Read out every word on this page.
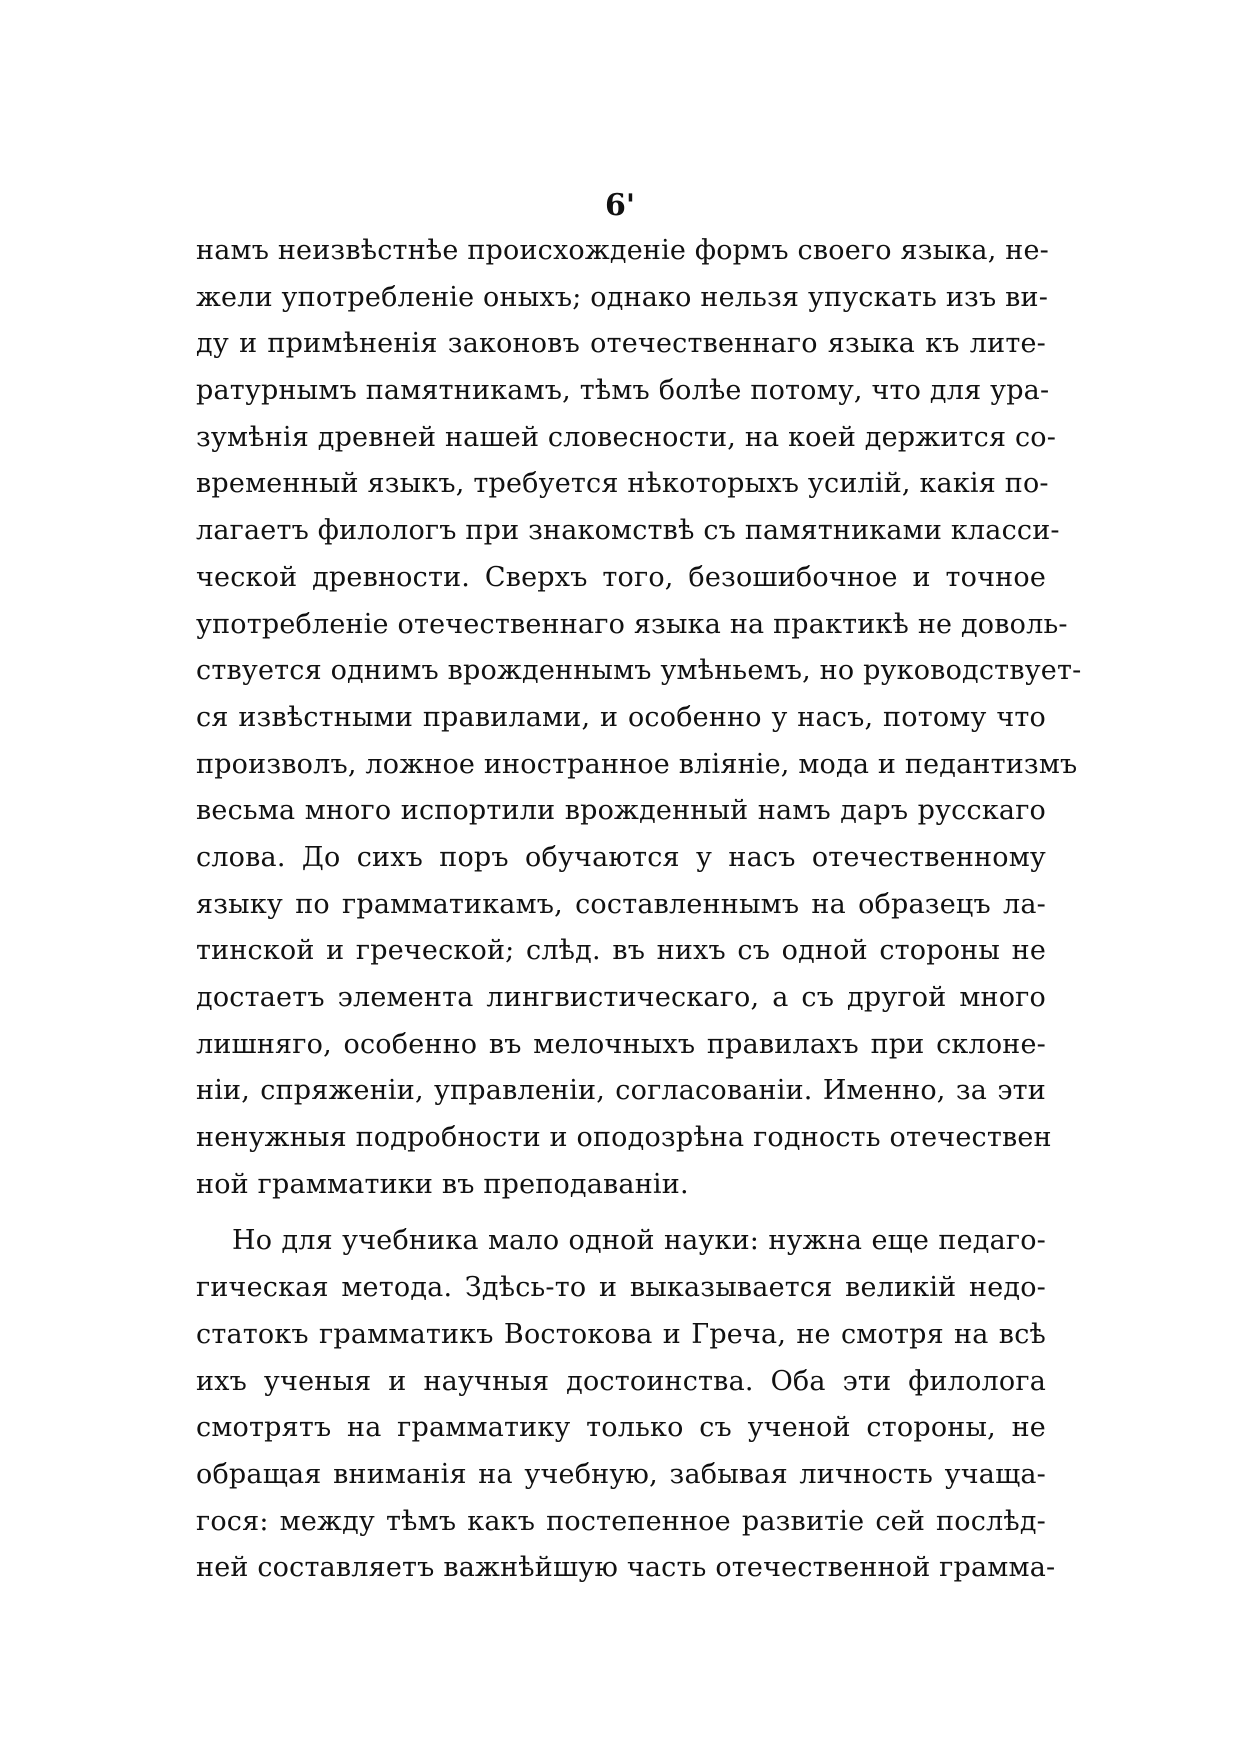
6'
намъ неизвѣстнѣе происхожденіе формъ своего языка, не-
жели употребленіе оныхъ; однако нельзя упускать изъ ви-
ду и примѣненія законовъ отечественнаго языка къ лите-
ратурнымъ памятникамъ, тѣмъ болѣе потому, что для ура-
зумѣнія древней нашей словесности, на коей держится со-
временный языкъ, требуется нѣкоторыхъ усилій, какія по-
лагаетъ филологъ при знакомствѣ съ памятниками класси-
ческой древности. Сверхъ того, безошибочное и точное
употребленіе отечественнаго языка на практикѣ не доволь-
ствуется однимъ врожденнымъ умѣньемъ, но руководствует-
ся извѣстными правилами, и особенно у насъ, потому что
произволъ, ложное иностранное вліяніе, мода и педантизмъ
весьма много испортили врожденный намъ даръ русскаго
слова. До сихъ поръ обучаются у насъ отечественному
языку по грамматикамъ, составленнымъ на образецъ ла-
тинской и греческой; слѣд. въ нихъ съ одной стороны не
достаетъ элемента лингвистическаго, а съ другой много
лишняго, особенно въ мелочныхъ правилахъ при склоне-
ніи, спряженіи, управленіи, согласованіи. Именно, за эти
ненужныя подробности и оподозрѣна годность отечествен
ной грамматики въ преподаваніи.
Но для учебника мало одной науки: нужна еще педаго-
гическая метода. Здѣсь-то и выказывается великій недо-
статокъ грамматикъ Востокова и Греча, не смотря на всѣ
ихъ ученыя и научныя достоинства. Оба эти филолога
смотрятъ на грамматику только съ ученой стороны, не
обращая вниманія на учебную, забывая личность учаща-
гося: между тѣмъ какъ постепенное развитіе сей послѣд-
ней составляетъ важнѣйшую часть отечественной грамма-
